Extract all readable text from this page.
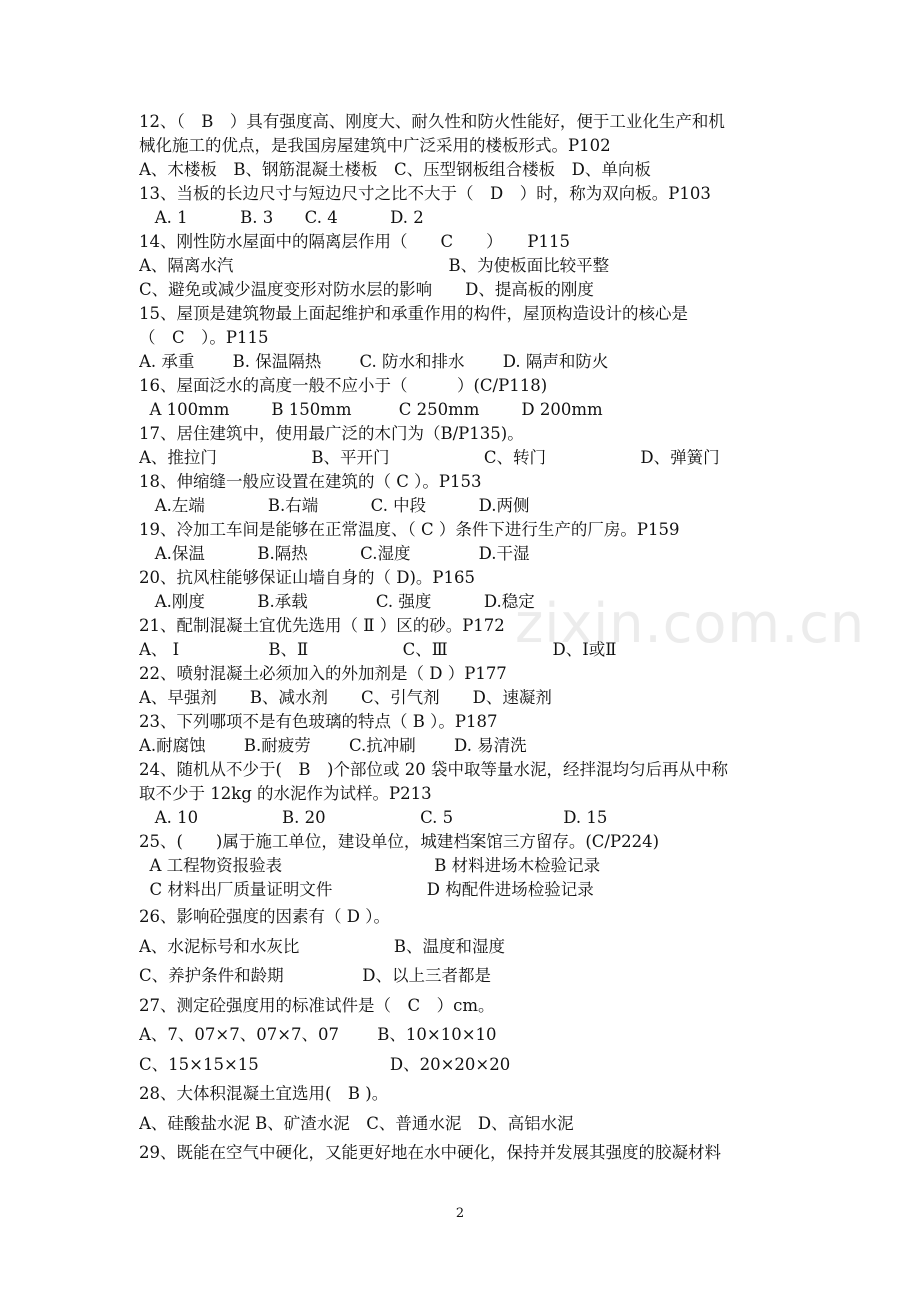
zixin.com.cn
12、（　B　）具有强度高、刚度大、耐久性和防火性能好，便于工业化生产和机
械化施工的优点，是我国房屋建筑中广泛采用的楼板形式。P102
A、木楼板　B、钢筋混凝土楼板　C、压型钢板组合楼板　D、单向板
13、当板的长边尺寸与短边尺寸之比不大于（　D　）时，称为双向板。P103
A. 1          B. 3      C. 4          D. 2
14、刚性防水屋面中的隔离层作用（　　C　　）　　P115
A、隔离水汽                                         B、为使板面比较平整
C、避免或减少温度变形对防水层的影响　　D、提高板的刚度
15、屋顶是建筑物最上面起维护和承重作用的构件，屋顶构造设计的核心是
（　C　）。P115
A. 承重　　 B. 保温隔热　　 C. 防水和排水　　 D. 隔声和防火
16、屋面泛水的高度一般不应小于（　　　）(C/P118)
A 100mm        B 150mm         C 250mm        D 200mm
17、居住建筑中，使用最广泛的木门为（B/P135)。
A、推拉门                  B、平开门                  C、转门                  D、弹簧门
18、伸缩缝一般应设置在建筑的（ C ）。P153
A.左端            B.右端          C. 中段          D.两侧
19、冷加工车间是能够在正常温度、（ C ）条件下进行生产的厂房。P159
A.保温          B.隔热          C.湿度             D.干湿
20、抗风柱能够保证山墙自身的（ D)。P165
A.刚度          B.承载             C. 强度          D.稳定
21、配制混凝土宜优先选用（ Ⅱ ）区的砂。P172
A、 Ⅰ                 B、Ⅱ                  C、Ⅲ                    D、Ⅰ或Ⅱ
22、喷射混凝土必须加入的外加剂是（ D ）P177
A、早强剂　　B、减水剂　　C、引气剂　　D、速凝剂
23、下列哪项不是有色玻璃的特点（ B ）。P187
A.耐腐蚀　　 B.耐疲劳　　 C.抗冲刷　　 D. 易清洗
24、随机从不少于(　B　)个部位或 20 袋中取等量水泥，经拌混均匀后再从中称
取不少于 12kg 的水泥作为试样。P213
A. 10                B. 20                  C. 5                     D. 15
25、(　　)属于施工单位，建设单位，城建档案馆三方留存。(C/P224)
A 工程物资报验表                             B 材料进场木检验记录
C 材料出厂质量证明文件                  D 构配件进场检验记录
26、影响砼强度的因素有（ D ）。
A、水泥标号和水灰比                  B、温度和湿度
C、养护条件和龄期               D、以上三者都是
27、测定砼强度用的标准试件是（　C　）cm。
A、7、07×7、07×7、07　　 B、10×10×10
C、15×15×15                         D、20×20×20
28、大体积混凝土宜选用(　B )。
A、硅酸盐水泥 B、矿渣水泥　C、普通水泥　D、高铝水泥
29、既能在空气中硬化，又能更好地在水中硬化，保持并发展其强度的胶凝材料
2
